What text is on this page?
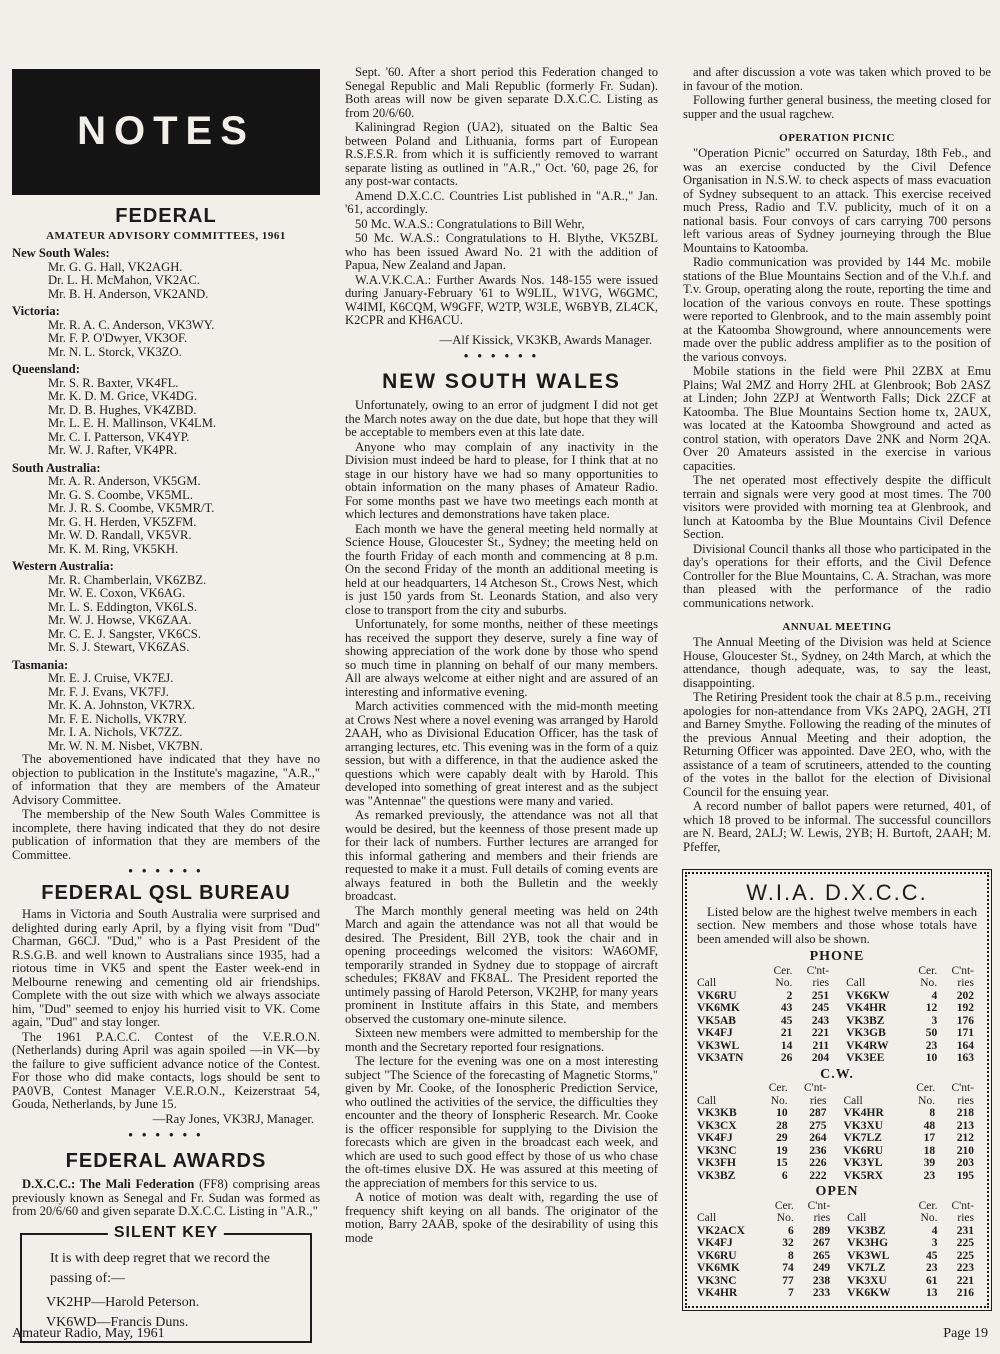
NOTES
FEDERAL
AMATEUR ADVISORY COMMITTEES, 1961
New South Wales:
Mr. G. G. Hall, VK2AGH.
Dr. L. H. McMahon, VK2AC.
Mr. B. H. Anderson, VK2AND.
Victoria:
Mr. R. A. C. Anderson, VK3WY.
Mr. F. P. O'Dwyer, VK3OF.
Mr. N. L. Storck, VK3ZO.
Queensland:
Mr. S. R. Baxter, VK4FL.
Mr. K. D. M. Grice, VK4DG.
Mr. D. B. Hughes, VK4ZBD.
Mr. L. E. H. Mallinson, VK4LM.
Mr. C. I. Patterson, VK4YP.
Mr. W. J. Rafter, VK4PR.
South Australia:
Mr. A. R. Anderson, VK5GM.
Mr. G. S. Coombe, VK5ML.
Mr. J. R. S. Coombe, VK5MR/T.
Mr. G. H. Herden, VK5ZFM.
Mr. W. D. Randall, VK5VR.
Mr. K. M. Ring, VK5KH.
Western Australia:
Mr. R. Chamberlain, VK6ZBZ.
Mr. W. E. Coxon, VK6AG.
Mr. L. S. Eddington, VK6LS.
Mr. W. J. Howse, VK6ZAA.
Mr. C. E. J. Sangster, VK6CS.
Mr. S. J. Stewart, VK6ZAS.
Tasmania:
Mr. E. J. Cruise, VK7EJ.
Mr. F. J. Evans, VK7FJ.
Mr. K. A. Johnston, VK7RX.
Mr. F. E. Nicholls, VK7RY.
Mr. I. A. Nichols, VK7ZZ.
Mr. W. N. M. Nisbet, VK7BN.

The abovementioned have indicated that they have no objection to publication in the Institute's magazine, "A.R.," of information that they are members of the Amateur Advisory Committee.

The membership of the New South Wales Committee is incomplete, there having indicated that they do not desire publication of information that they are members of the Committee.

• • • • • •
FEDERAL QSL BUREAU

Hams in Victoria and South Australia were surprised and delighted during early April, by a flying visit from "Dud" Charman, G6CJ. "Dud," who is a Past President of the R.S.G.B. and well known to Australians since 1935, had a riotous time in VK5 and spent the Easter week-end in Melbourne renewing and cementing old air friendships. Complete with the out size with which we always associate him, "Dud" seemed to enjoy his hurried visit to VK. Come again, "Dud" and stay longer.

The 1961 P.A.C.C. Contest of the V.E.R.O.N. (Netherlands) during April was again spoiled —in VK—by the failure to give sufficient advance notice of the Contest. For those who did make contacts, logs should be sent to PA0VB, Contest Manager V.E.R.O.N., Keizerstraat 54, Gouda, Netherlands, by June 15.

—Ray Jones, VK3RJ, Manager.
• • • • • •
FEDERAL AWARDS

D.X.C.C.: The Mali Federation (FF8) comprising areas previously known as Senegal and Fr. Sudan was formed as from 20/6/60 and given separate D.X.C.C. Listing in "A.R.,"

SILENT KEY
It is with deep regret that we record the passing of:—
VK2HP—Harold Peterson.
VK6WD—Francis Duns.

Sept. '60. After a short period this Federation changed to Senegal Republic and Mali Republic (formerly Fr. Sudan). Both areas will now be given separate D.X.C.C. Listing as from 20/6/60.

Kaliningrad Region (UA2), situated on the Baltic Sea between Poland and Lithuania, forms part of European R.S.F.S.R. from which it is sufficiently removed to warrant separate listing as outlined in "A.R.," Oct. '60, page 26, for any post-war contacts.

Amend D.X.C.C. Countries List published in "A.R.," Jan. '61, accordingly.

50 Mc. W.A.S.: Congratulations to Bill Wehr,

50 Mc. W.A.S.: Congratulations to H. Blythe, VK5ZBL who has been issued Award No. 21 with the addition of Papua, New Zealand and Japan.

W.A.V.K.C.A.: Further Awards Nos. 148-155 were issued during January-February '61 to W9LIL, W1VG, W6GMC, W4IMI, K6CQM, W9GFF, W2TP, W3LE, W6BYB, ZL4CK, K2CPR and KH6ACU.

—Alf Kissick, VK3KB, Awards Manager.
• • • • • •
NEW SOUTH WALES

Unfortunately, owing to an error of judgment I did not get the March notes away on the due date, but hope that they will be acceptable to members even at this late date.

Anyone who may complain of any inactivity in the Division must indeed be hard to please, for I think that at no stage in our history have we had so many opportunities to obtain information on the many phases of Amateur Radio. For some months past we have two meetings each month at which lectures and demonstrations have taken place.

Each month we have the general meeting held normally at Science House, Gloucester St., Sydney; the meeting held on the fourth Friday of each month and commencing at 8 p.m. On the second Friday of the month an additional meeting is held at our headquarters, 14 Atcheson St., Crows Nest, which is just 150 yards from St. Leonards Station, and also very close to transport from the city and suburbs.

Unfortunately, for some months, neither of these meetings has received the support they deserve, surely a fine way of showing appreciation of the work done by those who spend so much time in planning on behalf of our many members. All are always welcome at either night and are assured of an interesting and informative evening.

March activities commenced with the mid-month meeting at Crows Nest where a novel evening was arranged by Harold 2AAH, who as Divisional Education Officer, has the task of arranging lectures, etc. This evening was in the form of a quiz session, but with a difference, in that the audience asked the questions which were capably dealt with by Harold. This developed into something of great interest and as the subject was "Antennae" the questions were many and varied.

As remarked previously, the attendance was not all that would be desired, but the keenness of those present made up for their lack of numbers. Further lectures are arranged for this informal gathering and members and their friends are requested to make it a must. Full details of coming events are always featured in both the Bulletin and the weekly broadcast.

The March monthly general meeting was held on 24th March and again the attendance was not all that would be desired. The President, Bill 2YB, took the chair and in opening proceedings welcomed the visitors: WA6OMF, temporarily stranded in Sydney due to stoppage of aircraft schedules; FK8AV and FK8AL. The President reported the untimely passing of Harold Peterson, VK2HP, for many years prominent in Institute affairs in this State, and members observed the customary one-minute silence.

Sixteen new members were admitted to membership for the month and the Secretary reported four resignations.

The lecture for the evening was one on a most interesting subject "The Science of the forecasting of Magnetic Storms," given by Mr. Cooke, of the Ionospheric Prediction Service, who outlined the activities of the service, the difficulties they encounter and the theory of Ionspheric Research. Mr. Cooke is the officer responsible for supplying to the Division the forecasts which are given in the broadcast each week, and which are used to such good effect by those of us who chase the oft-times elusive DX. He was assured at this meeting of the appreciation of members for this service to us.

A notice of motion was dealt with, regarding the use of frequency shift keying on all bands. The originator of the motion, Barry 2AAB, spoke of the desirability of using this mode

and after discussion a vote was taken which proved to be in favour of the motion.

Following further general business, the meeting closed for supper and the usual ragchew.

OPERATION PICNIC

"Operation Picnic" occurred on Saturday, 18th Feb., and was an exercise conducted by the Civil Defence Organisation in N.S.W. to check aspects of mass evacuation of Sydney subsequent to an attack. This exercise received much Press, Radio and T.V. publicity, much of it on a national basis. Four convoys of cars carrying 700 persons left various areas of Sydney journeying through the Blue Mountains to Katoomba.

Radio communication was provided by 144 Mc. mobile stations of the Blue Mountains Section and of the V.h.f. and T.v. Group, operating along the route, reporting the time and location of the various convoys en route. These spottings were reported to Glenbrook, and to the main assembly point at the Katoomba Showground, where announcements were made over the public address amplifier as to the position of the various convoys.

Mobile stations in the field were Phil 2ZBX at Emu Plains; Wal 2MZ and Horry 2HL at Glenbrook; Bob 2ASZ at Linden; John 2ZPJ at Wentworth Falls; Dick 2ZCF at Katoomba. The Blue Mountains Section home tx, 2AUX, was located at the Katoomba Showground and acted as control station, with operators Dave 2NK and Norm 2QA. Over 20 Amateurs assisted in the exercise in various capacities.

The net operated most effectively despite the difficult terrain and signals were very good at most times. The 700 visitors were provided with morning tea at Glenbrook, and lunch at Katoomba by the Blue Mountains Civil Defence Section.

Divisional Council thanks all those who participated in the day's operations for their efforts, and the Civil Defence Controller for the Blue Mountains, C. A. Strachan, was more than pleased with the performance of the radio communications network.

ANNUAL MEETING

The Annual Meeting of the Division was held at Science House, Gloucester St., Sydney, on 24th March, at which the attendance, though adequate, was, to say the least, disappointing.

The Retiring President took the chair at 8.5 p.m., receiving apologies for non-attendance from VKs 2APQ, 2AGH, 2TI and Barney Smythe. Following the reading of the minutes of the previous Annual Meeting and their adoption, the Returning Officer was appointed. Dave 2EO, who, with the assistance of a team of scrutineers, attended to the counting of the votes in the ballot for the election of Divisional Council for the ensuing year.

A record number of ballot papers were returned, 401, of which 18 proved to be informal. The successful councillors are N. Beard, 2ALJ; W. Lewis, 2YB; H. Burtoft, 2AAH; M. Pfeffer,

W.I.A. D.X.C.C.

Listed below are the highest twelve members in each section. New members and those whose totals have been amended will also be shown.

PHONE
	Cer.	C'nt-			Cer.	C'nt-
Call	No.	ries		Call	No.	ries
VK6RU	2	251		VK6KW	4	202
VK6MK	43	245		VK4HR	12	192
VK5AB	45	243		VK3BZ	3	176
VK4FJ	21	221		VK3GB	50	171
VK3WL	14	211		VK4RW	23	164
VK3ATN	26	204		VK3EE	10	163
C.W.
	Cer.	C'nt-			Cer.	C'nt-
Call	No.	ries		Call	No.	ries
VK3KB	10	287		VK4HR	8	218
VK3CX	28	275		VK3XU	48	213
VK4FJ	29	264		VK7LZ	17	212
VK3NC	19	236		VK6RU	18	210
VK3FH	15	226		VK3YL	39	203
VK3BZ	6	222		VK5RX	23	195
OPEN
	Cer.	C'nt-			Cer.	C'nt-
Call	No.	ries		Call	No.	ries
VK2ACX	6	289		VK3BZ	4	231
VK4FJ	32	267		VK3HG	3	225
VK6RU	8	265		VK3WL	45	225
VK6MK	74	249		VK7LZ	23	223
VK3NC	77	238		VK3XU	61	221
VK4HR	7	233		VK6KW	13	216
Amateur Radio, May, 1961	Page 19
